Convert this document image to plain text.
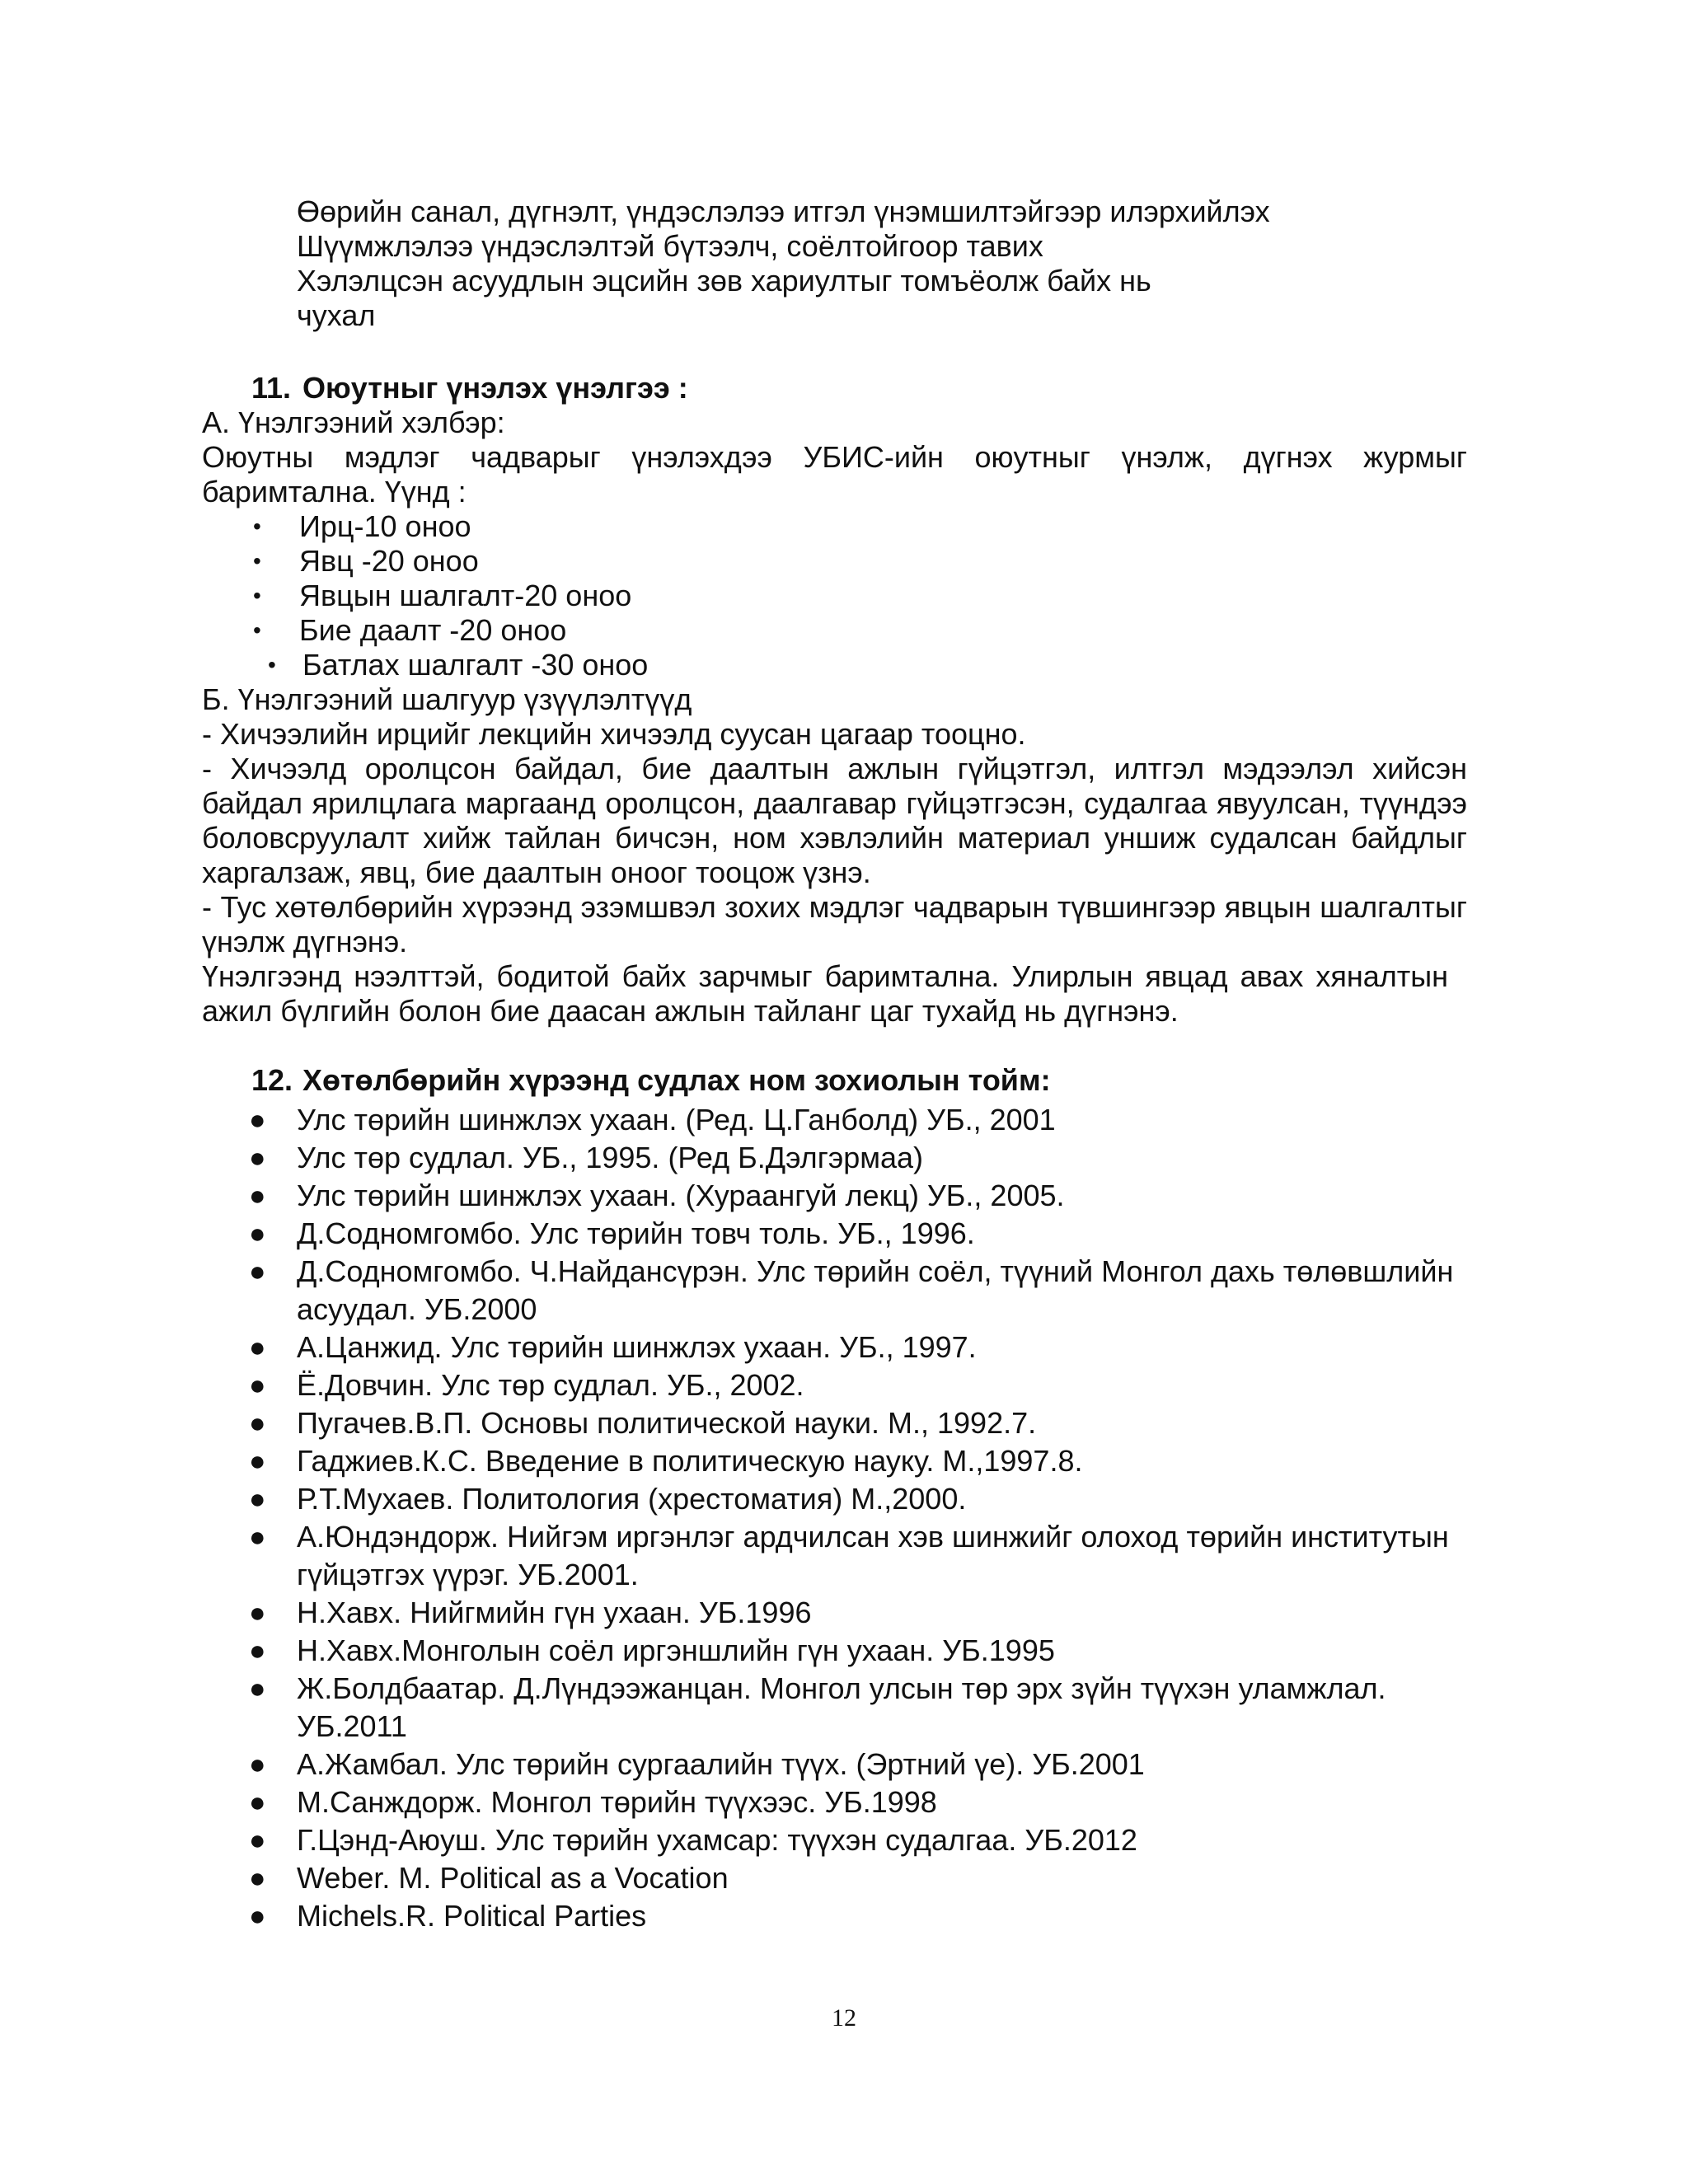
Өөрийн санал, дүгнэлт, үндэслэлээ итгэл үнэмшилтэйгээр илэрхийлэх
Шүүмжлэлээ үндэслэлтэй бүтээлч, соёлтойгоор тавих
Хэлэлцсэн асуудлын эцсийн зөв хариултыг томъёолж байх нь
чухал
11. Оюутныг үнэлэх үнэлгээ :
А. Үнэлгээний хэлбэр:
Оюутны мэдлэг чадварыг үнэлэхдээ УБИС-ийн оюутныг үнэлж, дүгнэх журмыг
баримтална. Үүнд :
• Ирц-10 оноо
• Явц -20 оноо
• Явцын шалгалт-20 оноо
• Бие даалт -20 оноо
• Батлах шалгалт -30 оноо
Б. Үнэлгээний шалгуур үзүүлэлтүүд
- Хичээлийн ирцийг лекцийн хичээлд суусан цагаар тооцно.
- Хичээлд оролцсон байдал, бие даалтын ажлын гүйцэтгэл, илтгэл мэдээлэл хийсэн байдал ярилцлага маргаанд оролцсон, даалгавар гүйцэтгэсэн, судалгаа явуулсан, түүндээ боловсруулалт хийж тайлан бичсэн, ном хэвлэлийн материал уншиж судалсан байдлыг харгалзаж, явц, бие даалтын оноог тооцож үзнэ.
- Тус хөтөлбөрийн хүрээнд эзэмшвэл зохих мэдлэг чадварын түвшингээр явцын шалгалтыг үнэлж дүгнэнэ.
Үнэлгээнд нээлттэй, бодитой байх зарчмыг баримтална. Улирлын явцад авах хяналтын ажил бүлгийн болон бие даасан ажлын тайланг цаг тухайд нь дүгнэнэ.
12. Хөтөлбөрийн хүрээнд судлах ном зохиолын тойм:
● Улс төрийн шинжлэх ухаан. (Ред. Ц.Ганболд) УБ., 2001
● Улс төр судлал. УБ., 1995. (Ред Б.Дэлгэрмаа)
● Улс төрийн шинжлэх ухаан. (Хураангуй лекц) УБ., 2005.
● Д.Содномгомбо. Улс төрийн товч толь. УБ., 1996.
● Д.Содномгомбо. Ч.Найдансүрэн. Улс төрийн соёл, түүний Монгол дахь төлөвшлийн асуудал. УБ.2000
● А.Цанжид. Улс төрийн шинжлэх ухаан. УБ., 1997.
● Ё.Довчин. Улс төр судлал. УБ., 2002.
● Пугачев.В.П. Основы политической науки. М., 1992.7.
● Гаджиев.К.С. Введение в политическую науку. М.,1997.8.
● Р.Т.Мухаев. Политология (хрестоматия) М.,2000.
● А.Юндэндорж. Нийгэм иргэнлэг ардчилсан хэв шинжийг олоход төрийн институтын гүйцэтгэх үүрэг. УБ.2001.
● Н.Хавх. Нийгмийн гүн ухаан. УБ.1996
● Н.Хавх.Монголын соёл иргэншлийн гүн ухаан. УБ.1995
● Ж.Болдбаатар. Д.Лүндээжанцан. Монгол улсын төр эрх зүйн түүхэн уламжлал. УБ.2011
● А.Жамбал. Улс төрийн сургаалийн түүх. (Эртний үе). УБ.2001
● М.Санждорж. Монгол төрийн түүхээс. УБ.1998
● Г.Цэнд-Аюуш. Улс төрийн ухамсар: түүхэн судалгаа. УБ.2012
● Weber. M. Political as a Vocation
● Michels.R. Political Parties
12
